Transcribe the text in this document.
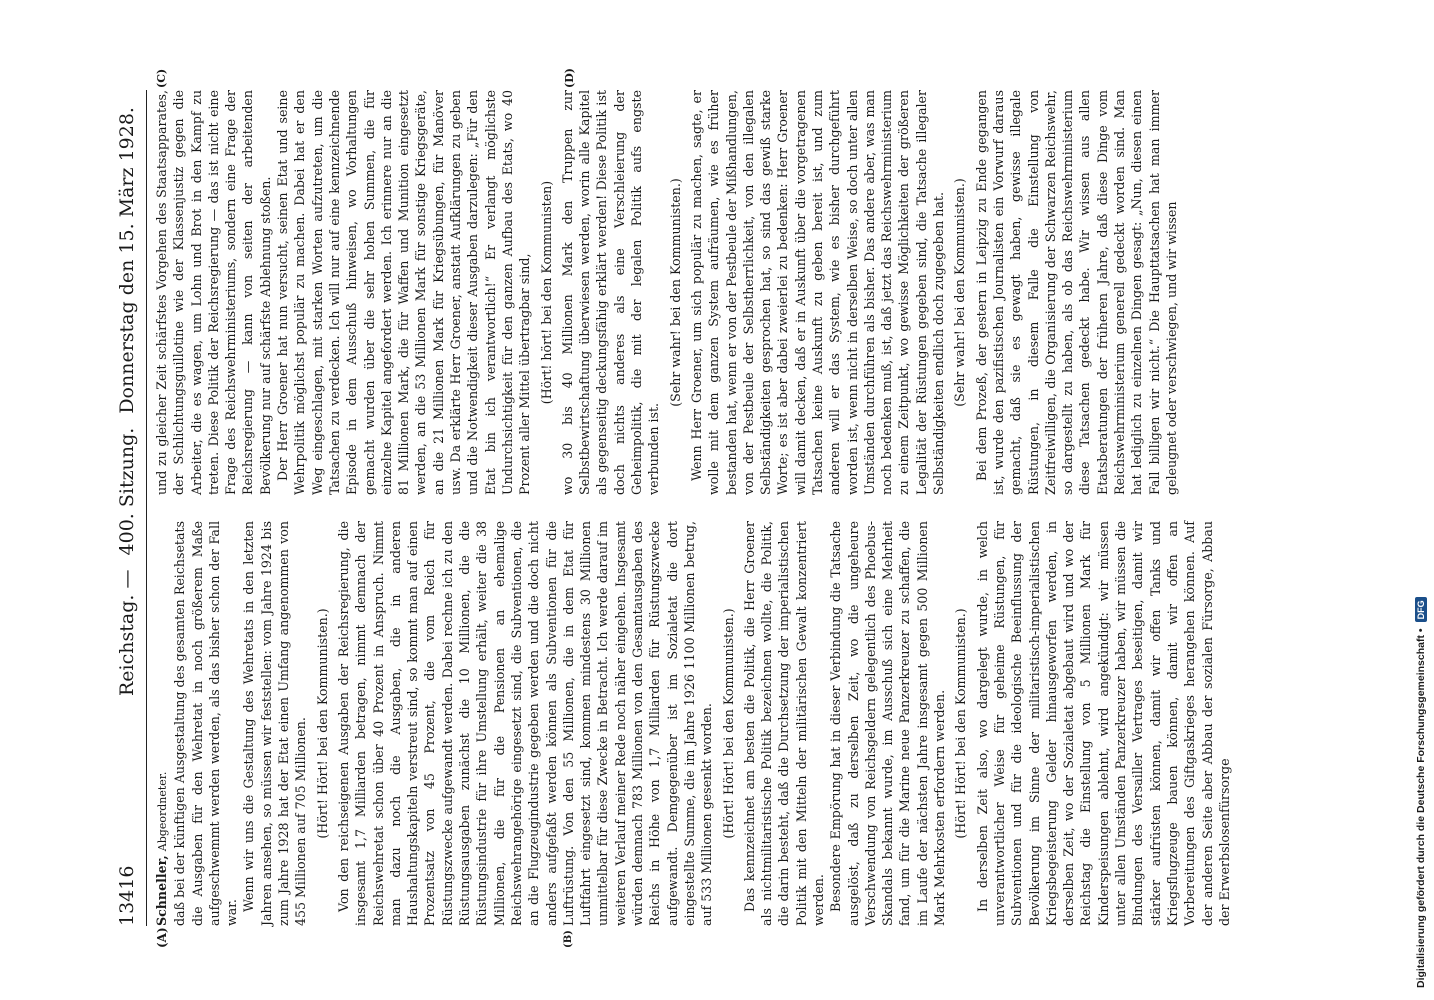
13416
Reichstag. — 400. Sitzung. Donnerstag den 15. März 1928.
(A)	(B)
(C)	(D)

Schneller, Abgeordneter. daß bei der künftigen Ausgestaltung des gesamten Reichsetats die Ausgaben für den Wehretat in noch größerem Maße aufgeschwemmt werden werden, als das bisher schon der Fall war.

Wenn wir uns die Gestaltung des Wehretats in den letzten Jahren ansehen, so müssen wir feststellen: vom Jahre 1924 bis zum Jahre 1928 hat der Etat einen Umfang angenommen von 455 Millionen auf 705 Millionen. (Hört! Hört! bei den Kommunisten.) Von den reichseigenen Ausgaben der Reichsregierung, die insgesamt 1,7 Milliarden betragen, nimmt demnach der Reichswehretat schon über 40 Prozent in Anspruch. Nimmt man dazu noch die Ausgaben, die in anderen Haushaltungskapiteln verstreut sind, so kommt man auf einen Prozentsatz von 45 Prozent, die vom Reich für Rüstungszwecke aufgewandt werden. Dabei rechne ich zu den Rüstungsausgaben zunächst die 10 Millionen, die die Rüstungsindustrie für ihre Umstellung erhält, weiter die 38 Millionen, die für die Pensionen an ehemalige Reichswehrangehörige eingesetzt sind, die Subventionen, die an die Flugzeugindustrie gegeben werden und die doch nicht anders aufgefaßt werden können als Subventionen für die Luftrüstung. Von den 55 Millionen, die in dem Etat für Luftfahrt eingesetzt sind, kommen mindestens 30 Millionen unmittelbar für diese Zwecke in Betracht. Ich werde darauf im weiteren Verlauf meiner Rede noch näher eingehen. Insgesamt würden demnach 783 Millionen von den Gesamtausgaben des Reichs in Höhe von 1,7 Milliarden für Rüstungszwecke aufgewandt. Demgegenüber ist im Sozialetat die dort eingestellte Summe, die im Jahre 1926 1100 Millionen betrug, auf 533 Millionen gesenkt worden. (Hört! Hört! bei den Kommunisten.) Das kennzeichnet am besten die Politik, die Herr Groener als nichtmilitaristische Politik bezeichnen wollte, die Politik, die darin besteht, daß die Durchsetzung der imperialistischen Politik mit den Mitteln der militärischen Gewalt konzentriert werden. Besondere Empörung hat in dieser Verbindung die Tatsache ausgelöst, daß zu derselben Zeit, wo die ungeheure Verschwendung von Reichsgeldern gelegentlich des Phoebus-Skandals bekannt wurde, im Ausschuß sich eine Mehrheit fand, um für die Marine neue Panzerkreuzer zu schaffen, die im Laufe der nächsten Jahre insgesamt gegen 500 Millionen Mark Mehrkosten erfordern werden. (Hört! Hört! bei den Kommunisten.) In derselben Zeit also, wo dargelegt wurde, in welch unverantwortlicher Weise für geheime Rüstungen, für Subventionen und für die ideologische Beeinflussung der Bevölkerung im Sinne der militaristisch-imperialistischen Kriegsbegeisterung Gelder hinausgeworfen werden, in derselben Zeit, wo der Sozialetat abgebaut wird und wo der Reichstag die Einstellung von 5 Millionen Mark für Kinderspeisungen ablehnt, wird angekündigt: wir müssen unter allen Umständen Panzerkreuzer haben, wir müssen die Bindungen des Versailler Vertrages beseitigen, damit wir stärker aufrüsten können, damit wir offen Tanks und Kriegsflugzeuge bauen können, damit wir offen an Vorbereitungen des Giftgaskrieges herangehen können. Auf der anderen Seite aber Abbau der sozialen Fürsorge, Abbau der Erwerbslosenfürsorge

und zu gleicher Zeit schärfstes Vorgehen des Staatsapparates, der Schlichtungsguillotine wie der Klassenjustiz gegen die Arbeiter, die es wagen, um Lohn und Brot in den Kampf zu treten. Diese Politik der Reichsregierung — das ist nicht eine Frage des Reichswehrministeriums, sondern eine Frage der Reichsregierung — kann von seiten der arbeitenden Bevölkerung nur auf schärfste Ablehnung stoßen. Der Herr Groener hat nun versucht, seinen Etat und seine Wehrpolitik möglichst populär zu machen. Dabei hat er den Weg eingeschlagen, mit starken Worten aufzutreten, um die Tatsachen zu verdecken. Ich will nur auf eine kennzeichnende Episode in dem Ausschuß hinweisen, wo Vorhaltungen gemacht wurden über die sehr hohen Summen, die für einzelne Kapitel angefordert werden. Ich erinnere nur an die 81 Millionen Mark, die für Waffen und Munition eingesetzt werden, an die 53 Millionen Mark für sonstige Kriegsgeräte, an die 21 Millionen Mark für Kriegsübungen, für Manöver usw. Da erklärte Herr Groener, anstatt Aufklärungen zu geben und die Notwendigkeit dieser Ausgaben darzulegen: „Für den Etat bin ich verantwortlich!“ Er verlangt möglichste Undurchsichtigkeit für den ganzen Aufbau des Etats, wo 40 Prozent aller Mittel übertragbar sind, (Hört! hört! bei den Kommunisten) wo 30 bis 40 Millionen Mark den Truppen zur Selbstbewirtschaftung überwiesen werden, worin alle Kapitel als gegenseitig deckungsfähig erklärt werden! Diese Politik ist doch nichts anderes als eine Verschleierung der Geheimpolitik, die mit der legalen Politik aufs engste verbunden ist.

(Sehr wahr! bei den Kommunisten.) Wenn Herr Groener, um sich populär zu machen, sagte, er wolle mit dem ganzen System aufräumen, wie es früher bestanden hat, wenn er von der Pestbeule der Mißhandlungen, von der Pestbeule der Selbstherrlichkeit, von den illegalen Selbständigkeiten gesprochen hat, so sind das gewiß starke Worte; es ist aber dabei zweierlei zu bedenken: Herr Groener will damit decken, daß er in Auskunft über die vorgetragenen Tatsachen keine Auskunft zu geben bereit ist, und zum anderen will er das System, wie es bisher durchgeführt worden ist, wenn nicht in derselben Weise, so doch unter allen Umständen durchführen als bisher. Das andere aber, was man noch bedenken muß, ist, daß jetzt das Reichswehrministerium zu einem Zeitpunkt, wo gewisse Möglichkeiten der größeren Legalität der Rüstungen gegeben sind, die Tatsache illegaler Selbständigkeiten endlich doch zugegeben hat. (Sehr wahr! bei den Kommunisten.) Bei dem Prozeß, der gestern in Leipzig zu Ende gegangen ist, wurde den pazifistischen Journalisten ein Vorwurf daraus gemacht, daß sie es gewagt haben, gewisse illegale Rüstungen, in diesem Falle die Einstellung von Zeitfreiwilligen, die Organisierung der Schwarzen Reichswehr, so dargestellt zu haben, als ob das Reichswehrministerium diese Tatsachen gedeckt habe. Wir wissen aus allen Etatsberatungen der früheren Jahre, daß diese Dinge vom Reichswehrministerium generell gedeckt worden sind. Man hat lediglich zu einzelnen Dingen gesagt: „Nun, diesen einen Fall billigen wir nicht.“ Die Haupttatsachen hat man immer geleugnet oder verschwiegen, und wir wissen

Digitalisierung gefördert durch die Deutsche Forschungsgemeinschaft •
DFG
